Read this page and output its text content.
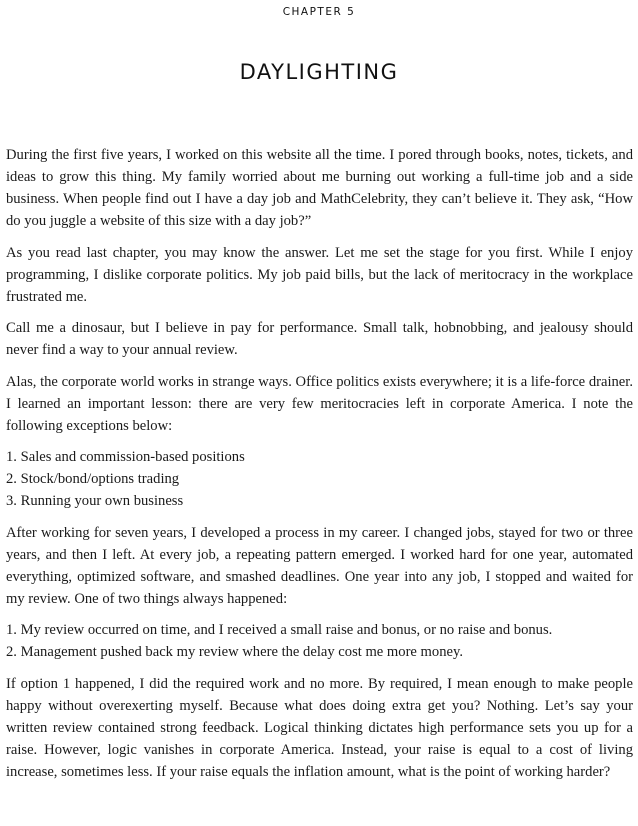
CHAPTER 5
DAYLIGHTING

During the first five years, I worked on this website all the time. I pored through books, notes, tickets, and ideas to grow this thing. My family worried about me burning out working a full-time job and a side business. When people find out I have a day job and MathCelebrity, they can’t believe it. They ask, “How do you juggle a website of this size with a day job?”

As you read last chapter, you may know the answer. Let me set the stage for you first. While I enjoy programming, I dislike corporate politics. My job paid bills, but the lack of meritocracy in the workplace frustrated me.

Call me a dinosaur, but I believe in pay for performance. Small talk, hobnobbing, and jealousy should never find a way to your annual review.

Alas, the corporate world works in strange ways. Office politics exists everywhere; it is a life-force drainer. I learned an important lesson: there are very few meritocracies left in corporate America. I note the following exceptions below:

1. Sales and commission-based positions
2. Stock/bond/options trading
3. Running your own business

After working for seven years, I developed a process in my career. I changed jobs, stayed for two or three years, and then I left. At every job, a repeating pattern emerged. I worked hard for one year, automated everything, optimized software, and smashed deadlines. One year into any job, I stopped and waited for my review. One of two things always happened:

1. My review occurred on time, and I received a small raise and bonus, or no raise and bonus.
2. Management pushed back my review where the delay cost me more money.

If option 1 happened, I did the required work and no more. By required, I mean enough to make people happy without overexerting myself. Because what does doing extra get you? Nothing. Let’s say your written review contained strong feedback. Logical thinking dictates high performance sets you up for a raise. However, logic vanishes in corporate America. Instead, your raise is equal to a cost of living increase, sometimes less. If your raise equals the inflation amount, what is the point of working harder?
